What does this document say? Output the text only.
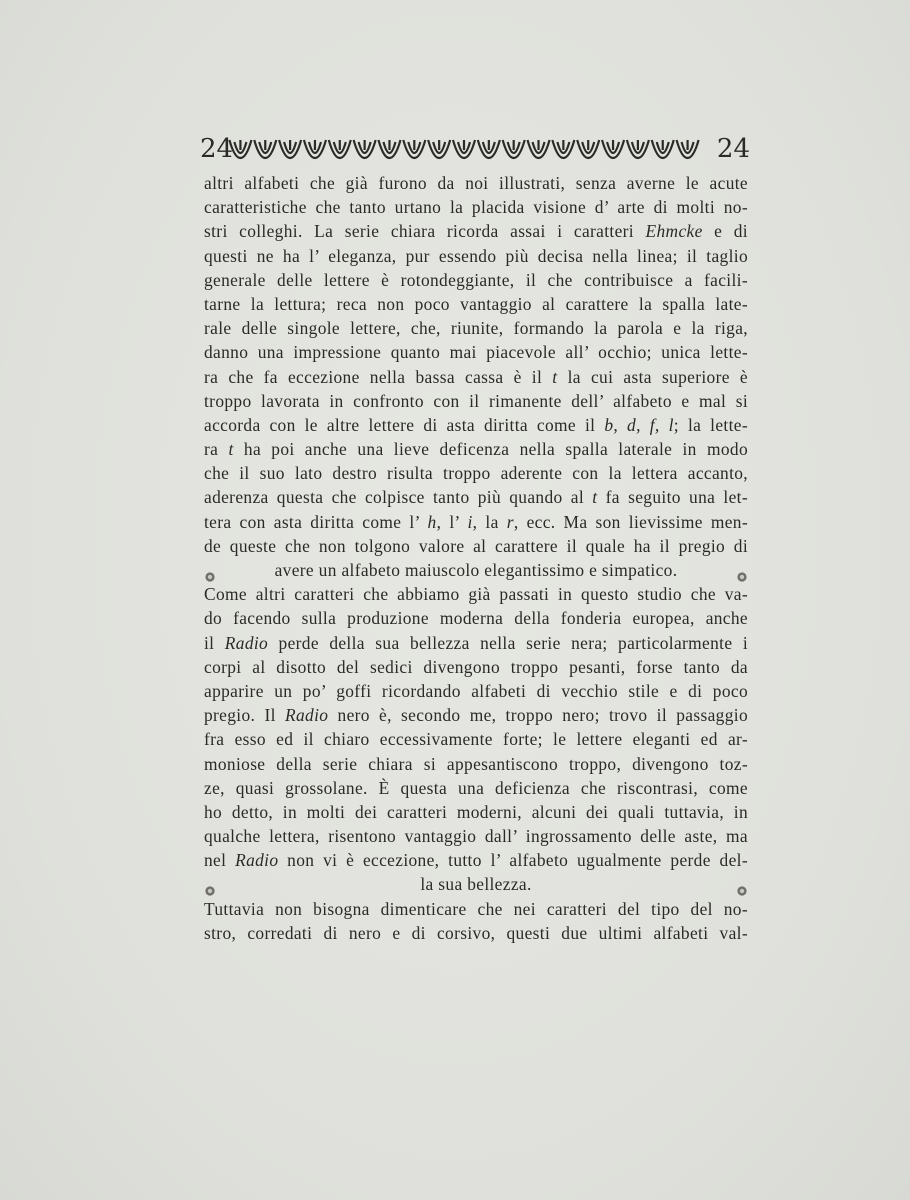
24	24
altri alfabeti che già furono da noi illustrati, senza averne le acute
caratteristiche che tanto urtano la placida visione d’ arte di molti no-
stri colleghi. La serie chiara ricorda assai i caratteri Ehmcke e di
questi ne ha l’ eleganza, pur essendo più decisa nella linea; il taglio
generale delle lettere è rotondeggiante, il che contribuisce a facili-
tarne la lettura; reca non poco vantaggio al carattere la spalla late-
rale delle singole lettere, che, riunite, formando la parola e la riga,
danno una impressione quanto mai piacevole all’ occhio; unica lette-
ra che fa eccezione nella bassa cassa è il t la cui asta superiore è
troppo lavorata in confronto con il rimanente dell’ alfabeto e mal si
accorda con le altre lettere di asta diritta come il b, d, f, l; la lette-
ra t ha poi anche una lieve deficenza nella spalla laterale in modo
che il suo lato destro risulta troppo aderente con la lettera accanto,
aderenza questa che colpisce tanto più quando al t fa seguito una let-
tera con asta diritta come l’ h, l’ i, la r, ecc. Ma son lievissime men-
de queste che non tolgono valore al carattere il quale ha il pregio di
avere un alfabeto maiuscolo elegantissimo e simpatico.
Come altri caratteri che abbiamo già passati in questo studio che va-
do facendo sulla produzione moderna della fonderia europea, anche
il Radio perde della sua bellezza nella serie nera; particolarmente i
corpi al disotto del sedici divengono troppo pesanti, forse tanto da
apparire un po’ goffi ricordando alfabeti di vecchio stile e di poco
pregio. Il Radio nero è, secondo me, troppo nero; trovo il passaggio
fra esso ed il chiaro eccessivamente forte; le lettere eleganti ed ar-
moniose della serie chiara si appesantiscono troppo, divengono toz-
ze, quasi grossolane. È questa una deficienza che riscontrasi, come
ho detto, in molti dei caratteri moderni, alcuni dei quali tuttavia, in
qualche lettera, risentono vantaggio dall’ ingrossamento delle aste, ma
nel Radio non vi è eccezione, tutto l’ alfabeto ugualmente perde del-
la sua bellezza.
Tuttavia non bisogna dimenticare che nei caratteri del tipo del no-
stro, corredati di nero e di corsivo, questi due ultimi alfabeti val-
